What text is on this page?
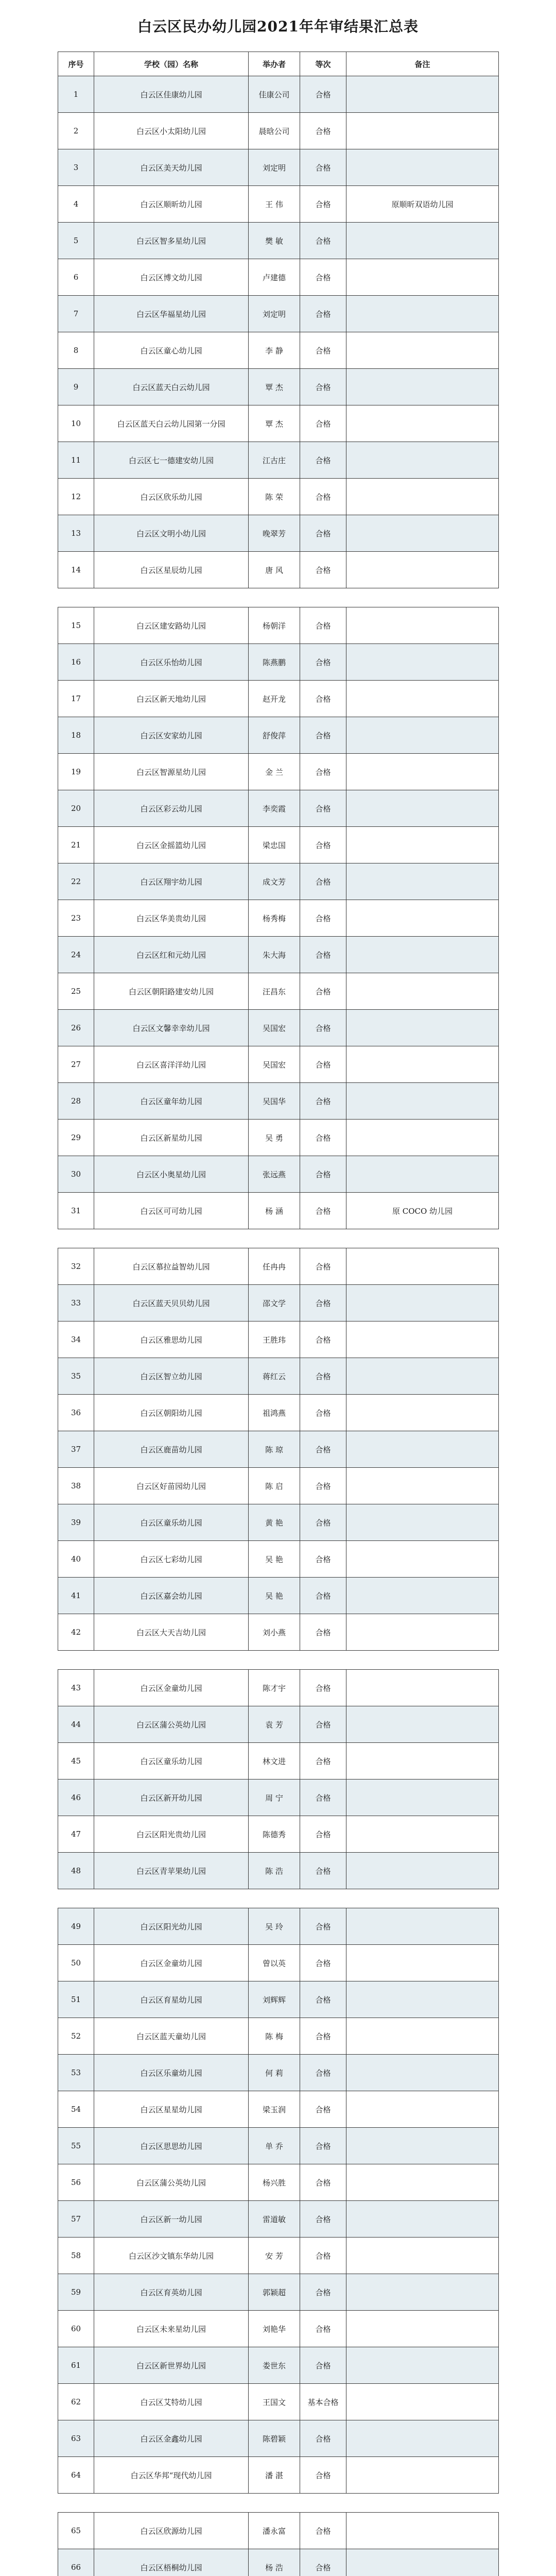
白云区民办幼儿园2021年年审结果汇总表
序号	学校（园）名称	举办者	等次	备注
1	白云区佳康幼儿园	佳康公司	合格	
2	白云区小太阳幼儿园	晨晗公司	合格	
3	白云区美天幼儿园	刘定明	合格	
4	白云区顺昕幼儿园	王 伟	合格	原顺昕双语幼儿园
5	白云区智多星幼儿园	樊 敏	合格	
6	白云区博文幼儿园	卢建德	合格	
7	白云区华福星幼儿园	刘定明	合格	
8	白云区童心幼儿园	李 静	合格	
9	白云区蓝天白云幼儿园	覃 杰	合格	
10	白云区蓝天白云幼儿园第一分园	覃 杰	合格	
11	白云区七一德建安幼儿园	江古庄	合格	
12	白云区欣乐幼儿园	陈 荣	合格	
13	白云区文明小幼儿园	晚翠芳	合格	
14	白云区星辰幼儿园	唐 风	合格	

15	白云区建安路幼儿园	杨朝洋	合格	
16	白云区乐怡幼儿园	陈燕鹏	合格	
17	白云区新天地幼儿园	赵开龙	合格	
18	白云区安家幼儿园	舒俊萍	合格	
19	白云区智源星幼儿园	金 兰	合格	
20	白云区彩云幼儿园	李奕霞	合格	
21	白云区金摇篮幼儿园	梁忠国	合格	
22	白云区翔宇幼儿园	成文芳	合格	
23	白云区华美贵幼儿园	杨秀梅	合格	
24	白云区红和元幼儿园	朱大海	合格	
25	白云区朝阳路建安幼儿园	汪昌东	合格	
26	白云区文馨幸幸幼儿园	吴国宏	合格	
27	白云区喜洋洋幼儿园	吴国宏	合格	
28	白云区童年幼儿园	吴国华	合格	
29	白云区新星幼儿园	吴 勇	合格	
30	白云区小奥星幼儿园	张远燕	合格	
31	白云区可可幼儿园	杨 涵	合格	原 COCO 幼儿园

32	白云区慕拉益智幼儿园	任冉冉	合格	
33	白云区蓝天贝贝幼儿园	邵文学	合格	
34	白云区雅思幼儿园	王胜玮	合格	
35	白云区智立幼儿园	蒋红云	合格	
36	白云区朝阳幼儿园	祖鸿燕	合格	
37	白云区鹿苗幼儿园	陈 琼	合格	
38	白云区好苗园幼儿园	陈 启	合格	
39	白云区童乐幼儿园	黄 艳	合格	
40	白云区七彩幼儿园	吴 艳	合格	
41	白云区嘉会幼儿园	吴 艳	合格	
42	白云区大天吉幼儿园	刘小燕	合格	

43	白云区金童幼儿园	陈才宇	合格	
44	白云区蒲公英幼儿园	袁 芳	合格	
45	白云区童乐幼儿园	林文进	合格	
46	白云区新开幼儿园	周 宁	合格	
47	白云区阳光贵幼儿园	陈德秀	合格	
48	白云区青苹果幼儿园	陈 浩	合格	

49	白云区阳光幼儿园	吴 玲	合格	
50	白云区金童幼儿园	曾以英	合格	
51	白云区育星幼儿园	刘辉辉	合格	
52	白云区蓝天童幼儿园	陈 梅	合格	
53	白云区乐童幼儿园	何 莉	合格	
54	白云区星星幼儿园	梁玉润	合格	
55	白云区思思幼儿园	单 乔	合格	
56	白云区蒲公英幼儿园	杨兴胜	合格	
57	白云区新一幼儿园	雷道敏	合格	
58	白云区沙文镇东华幼儿园	安 芳	合格	
59	白云区育英幼儿园	郭颖超	合格	
60	白云区未来星幼儿园	刘艳华	合格	
61	白云区新世界幼儿园	娄世东	合格	
62	白云区艾特幼儿园	王国文	基本合格	
63	白云区金鑫幼儿园	陈碧颖	合格	
64	白云区华邦“现代幼儿园	潘 湛	合格	

65	白云区欣源幼儿园	潘永富	合格	
66	白云区梧桐幼儿园	杨 浩	合格	
